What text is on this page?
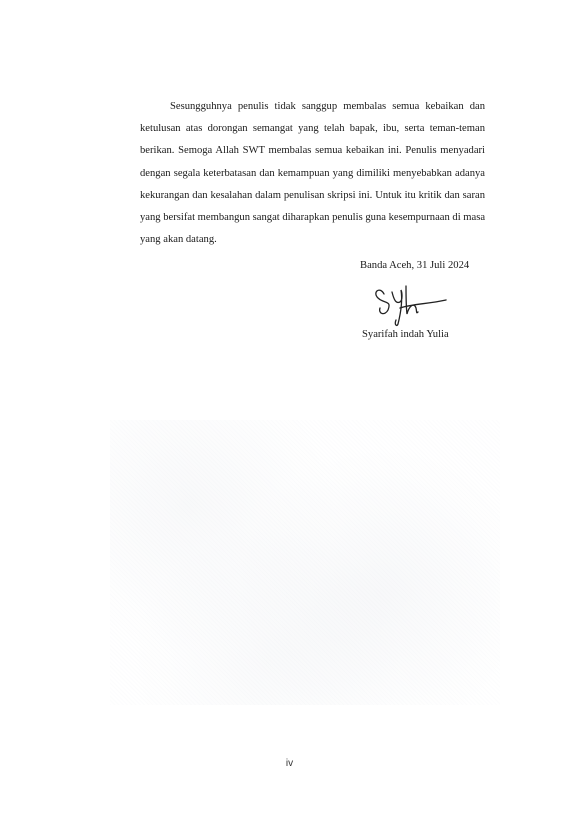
Sesungguhnya penulis tidak sanggup membalas semua kebaikan dan
ketulusan atas dorongan semangat yang telah bapak, ibu, serta teman-teman
berikan. Semoga Allah SWT membalas semua kebaikan ini. Penulis menyadari
dengan segala keterbatasan dan kemampuan yang dimiliki menyebabkan adanya
kekurangan dan kesalahan dalam penulisan skripsi ini. Untuk itu kritik dan saran
yang bersifat membangun sangat diharapkan penulis guna kesempurnaan di masa
yang akan datang.
Banda Aceh, 31 Juli 2024
Syarifah indah Yulia
iv
